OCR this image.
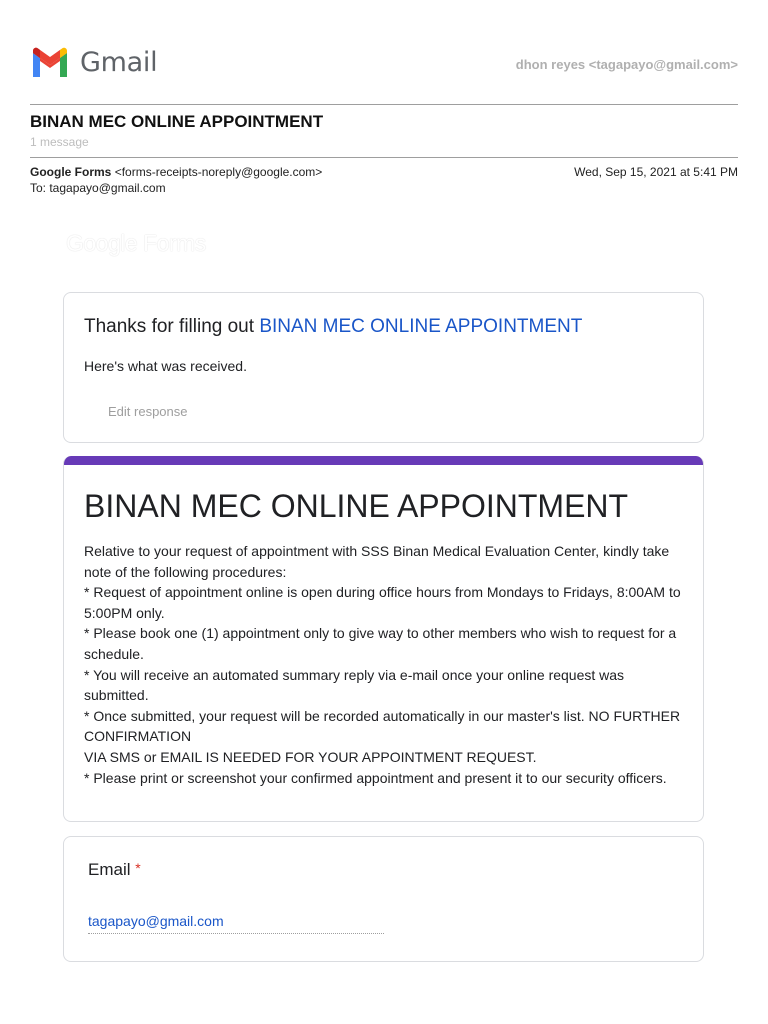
Gmail	dhon reyes <tagapayo@gmail.com>
BINAN MEC ONLINE APPOINTMENT
1 message
Google Forms <forms-receipts-noreply@google.com>
To: tagapayo@gmail.com
Wed, Sep 15, 2021 at 5:41 PM
Google Forms
Thanks for filling out BINAN MEC ONLINE APPOINTMENT
Here's what was received.
Edit response
BINAN MEC ONLINE APPOINTMENT
Relative to your request of appointment with SSS Binan Medical Evaluation Center, kindly take
note of the following procedures:
* Request of appointment online is open during office hours from Mondays to Fridays, 8:00AM to
5:00PM only.
* Please book one (1) appointment only to give way to other members who wish to request for a
schedule.
* You will receive an automated summary reply via e-mail once your online request was
submitted.
* Once submitted, your request will be recorded automatically in our master's list. NO FURTHER
CONFIRMATION
VIA SMS or EMAIL IS NEEDED FOR YOUR APPOINTMENT REQUEST.
* Please print or screenshot your confirmed appointment and present it to our security officers.
Email *
tagapayo@gmail.com
